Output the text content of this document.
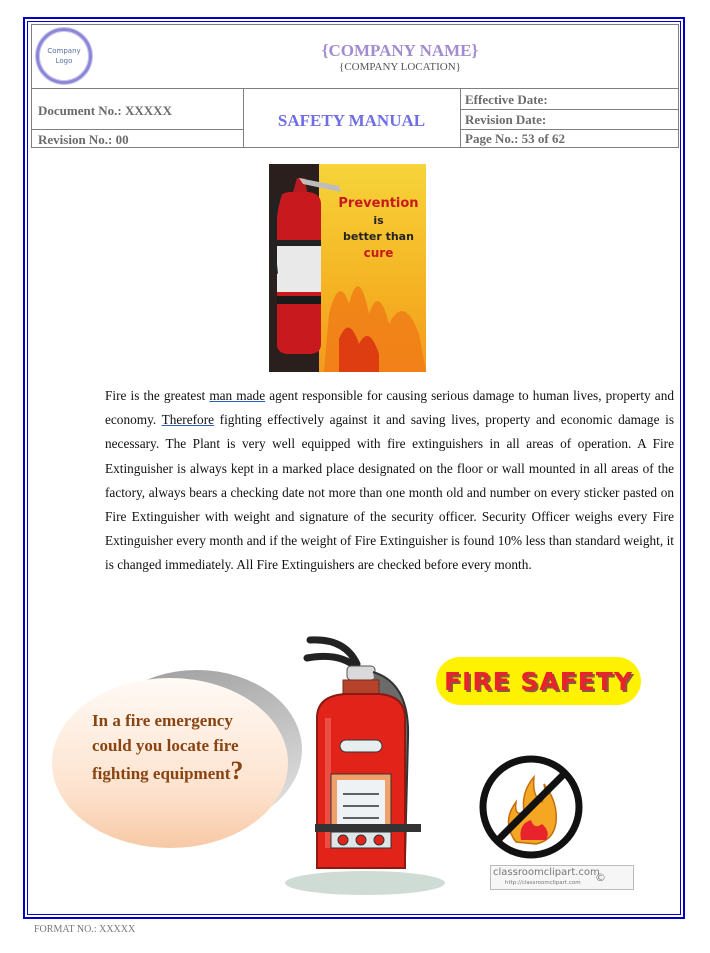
Company
Logo
{COMPANY NAME}
{COMPANY LOCATION}
Document No.: XXXXX
Revision No.: 00
SAFETY MANUAL
Effective Date:
Revision Date:
Page No.: 53 of 62
Prevention
is
better than
cure
Fire is the greatest man made agent responsible for causing serious damage to human lives, property and economy. Therefore fighting effectively against it and saving lives, property and economic damage is necessary. The Plant is very well equipped with fire extinguishers in all areas of operation. A Fire Extinguisher is always kept in a marked place designated on the floor or wall mounted in all areas of the factory, always bears a checking date not more than one month old and number on every sticker pasted on Fire Extinguisher with weight and signature of the security officer. Security Officer weighs every Fire Extinguisher every month and if the weight of Fire Extinguisher is found 10% less than standard weight, it is changed immediately. All Fire Extinguishers are checked before every month.
In a fire emergency
could you locate fire
fighting equipment?
FIRE SAFETY
classroomclipart.com
http://classroomclipart.com ©
FORMAT NO.: XXXXX
